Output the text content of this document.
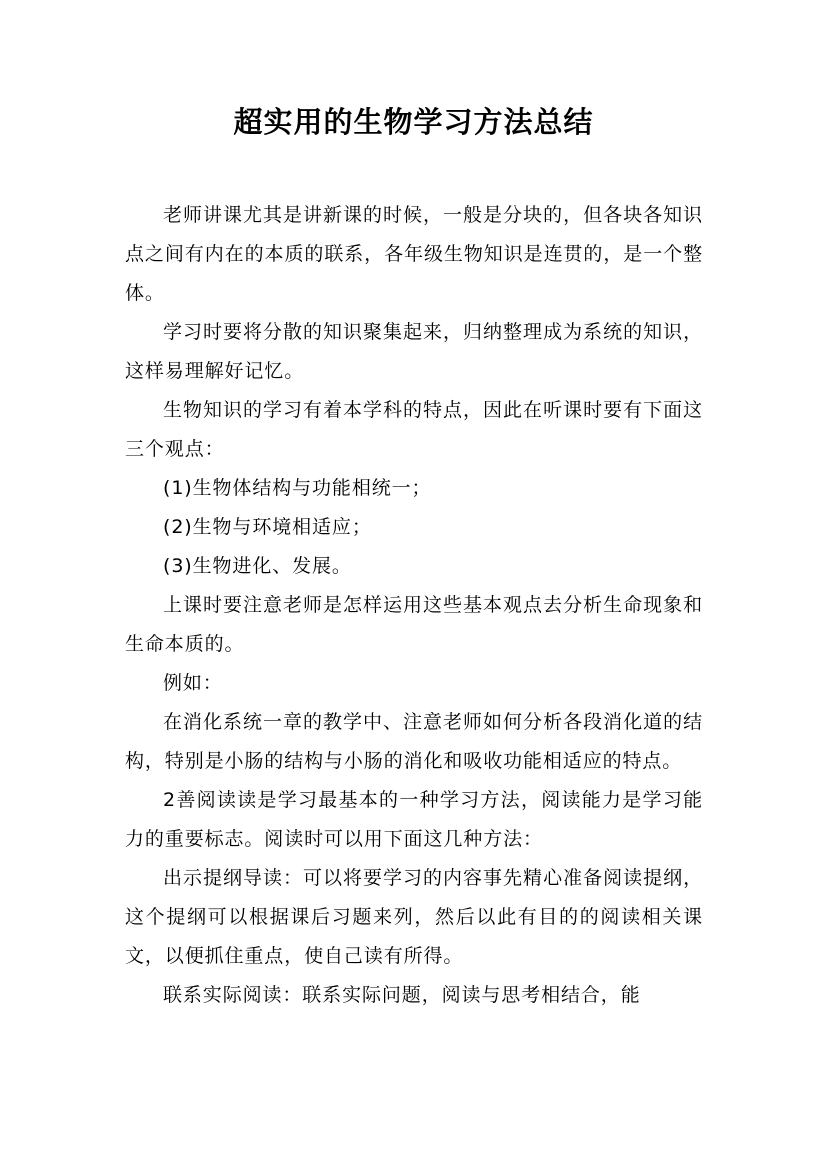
超实用的生物学习方法总结

老师讲课尤其是讲新课的时候，一般是分块的，但各块各知识点之间有内在的本质的联系，各年级生物知识是连贯的，是一个整体。

学习时要将分散的知识聚集起来，归纳整理成为系统的知识，这样易理解好记忆。

生物知识的学习有着本学科的特点，因此在听课时要有下面这三个观点：

(1)生物体结构与功能相统一；

(2)生物与环境相适应；

(3)生物进化、发展。

上课时要注意老师是怎样运用这些基本观点去分析生命现象和生命本质的。

例如：

在消化系统一章的教学中、注意老师如何分析各段消化道的结构，特别是小肠的结构与小肠的消化和吸收功能相适应的特点。

2善阅读读是学习最基本的一种学习方法，阅读能力是学习能力的重要标志。阅读时可以用下面这几种方法：

出示提纲导读：可以将要学习的内容事先精心准备阅读提纲，这个提纲可以根据课后习题来列，然后以此有目的的阅读相关课文，以便抓住重点，使自己读有所得。

联系实际阅读：联系实际问题，阅读与思考相结合，能
